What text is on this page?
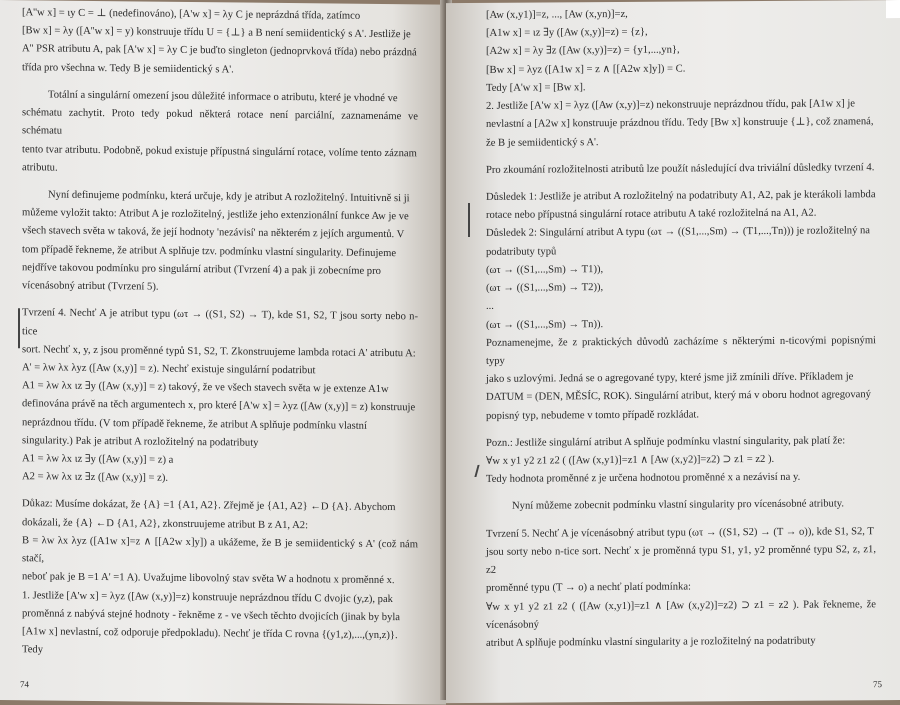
[A''w x] = ιy C = ⊥ (nedefinováno), [A'w x] = λy C je neprázdná třída, zatímco

[Bw x] = λy ([A''w x] = y) konstruuje třídu U = {⊥} a B není semiidentický s A'. Jestliže je

A'' PSR atributu A, pak [A'w x] = λy C je buďto singleton (jednoprvková třída) nebo prázdná

třída pro všechna w. Tedy B je semiidentický s A'.

Totální a singulární omezení jsou důležité informace o atributu, které je vhodné ve

schématu zachytit. Proto tedy pokud některá rotace není parciální, zaznamenáme ve schématu

tento tvar atributu. Podobně, pokud existuje přípustná singulární rotace, volíme tento záznam

atributu.

Nyní definujeme podmínku, která určuje, kdy je atribut A rozložitelný. Intuitivně si ji

můžeme vyložit takto: Atribut A je rozložitelný, jestliže jeho extenzionální funkce Aw je ve

všech stavech světa w taková, že její hodnoty 'nezávisí' na některém z jejích argumentů. V

tom případě řekneme, že atribut A splňuje tzv. podmínku vlastní singularity. Definujeme

nejdříve takovou podmínku pro singulární atribut (Tvrzení 4) a pak ji zobecníme pro

vícenásobný atribut (Tvrzení 5).

Tvrzení 4. Nechť A je atribut typu (ωτ → ((S1, S2) → T), kde S1, S2, T jsou sorty nebo n-tice

sort. Nechť x, y, z jsou proměnné typů S1, S2, T. Zkonstruujeme lambda rotaci A' atributu A:

A' = λw λx λyz ([Aw (x,y)] = z). Nechť existuje singulární podatribut

A1 = λw λx ιz ∃y ([Aw (x,y)] = z) takový, že ve všech stavech světa w je extenze A1w

definována právě na těch argumentech x, pro které [A'w x] = λyz ([Aw (x,y)] = z) konstruuje

neprázdnou třídu. (V tom případě řekneme, že atribut A splňuje podmínku vlastní

singularity.) Pak je atribut A rozložitelný na podatributy

A1 = λw λx ιz ∃y ([Aw (x,y)] = z) a

A2 = λw λx ιz ∃z ([Aw (x,y)] = z).

Důkaz: Musíme dokázat, že {A} =1 {A1, A2}. Zřejmě je {A1, A2} ←D {A}. Abychom

dokázali, že {A} ←D {A1, A2}, zkonstruujeme atribut B z A1, A2:

B = λw λx λyz ([A1w x]=z ∧ [[A2w x]y]) a ukážeme, že B je semiidentický s A' (což nám stačí,

neboť pak je B =1 A' =1 A). Uvažujme libovolný stav světa W a hodnotu x proměnné x.

1. Jestliže [A'w x] = λyz ([Aw (x,y)]=z) konstruuje neprázdnou třídu C dvojic (y,z), pak

proměnná z nabývá stejné hodnoty - řekněme z - ve všech těchto dvojicích (jinak by byla

[A1w x] nevlastní, což odporuje předpokladu). Nechť je třída C rovna {(y1,z),...,(yn,z)}.

Tedy

74

[Aw (x,y1)]=z, ..., [Aw (x,yn)]=z,

[A1w x] = ιz ∃y ([Aw (x,y)]=z) = {z},

[A2w x] = λy ∃z ([Aw (x,y)]=z) = {y1,...,yn},

[Bw x] = λyz ([A1w x] = z ∧ [[A2w x]y]) = C.

Tedy [A'w x] = [Bw x].

2. Jestliže [A'w x] = λyz ([Aw (x,y)]=z) nekonstruuje neprázdnou třídu, pak [A1w x] je

nevlastní a [A2w x] konstruuje prázdnou třídu. Tedy [Bw x] konstruuje {⊥}, což znamená,

že B je semiidentický s A'.

Pro zkoumání rozložitelnosti atributů lze použít následující dva triviální důsledky tvrzení 4.

Důsledek 1: Jestliže je atribut A rozložitelný na podatributy A1, A2, pak je kterákoli lambda

rotace nebo přípustná singulární rotace atributu A také rozložitelná na A1, A2.

Důsledek 2: Singulární atribut A typu (ωτ → ((S1,...,Sm) → (T1,...,Tn))) je rozložitelný na

podatributy typů

(ωτ → ((S1,...,Sm) → T1)),

(ωτ → ((S1,...,Sm) → T2)),

...

(ωτ → ((S1,...,Sm) → Tn)).

Poznamenejme, že z praktických důvodů zacházíme s některými n-ticovými popisnými typy

jako s uzlovými. Jedná se o agregované typy, které jsme již zmínili dříve. Příkladem je

DATUM = (DEN, MĚSÍC, ROK). Singulární atribut, který má v oboru hodnot agregovaný

popisný typ, nebudeme v tomto případě rozkládat.

Pozn.: Jestliže singulární atribut A splňuje podmínku vlastní singularity, pak platí že:

∀w x y1 y2 z1 z2 ( ([Aw (x,y1)]=z1 ∧ [Aw (x,y2)]=z2) ⊃ z1 = z2 ).

Tedy hodnota proměnné z je určena hodnotou proměnné x a nezávisí na y.

Nyní můžeme zobecnit podmínku vlastní singularity pro vícenásobné atributy.

Tvrzení 5. Nechť A je vícenásobný atribut typu (ωτ → ((S1, S2) → (T → o)), kde S1, S2, T

jsou sorty nebo n-tice sort. Nechť x je proměnná typu S1, y1, y2 proměnné typu S2, z, z1, z2

proměnné typu (T → o) a nechť platí podmínka:

∀w x y1 y2 z1 z2 ( ([Aw (x,y1)]=z1 ∧ [Aw (x,y2)]=z2) ⊃ z1 = z2 ). Pak řekneme, že vícenásobný

atribut A splňuje podmínku vlastní singularity a je rozložitelný na podatributy

75
